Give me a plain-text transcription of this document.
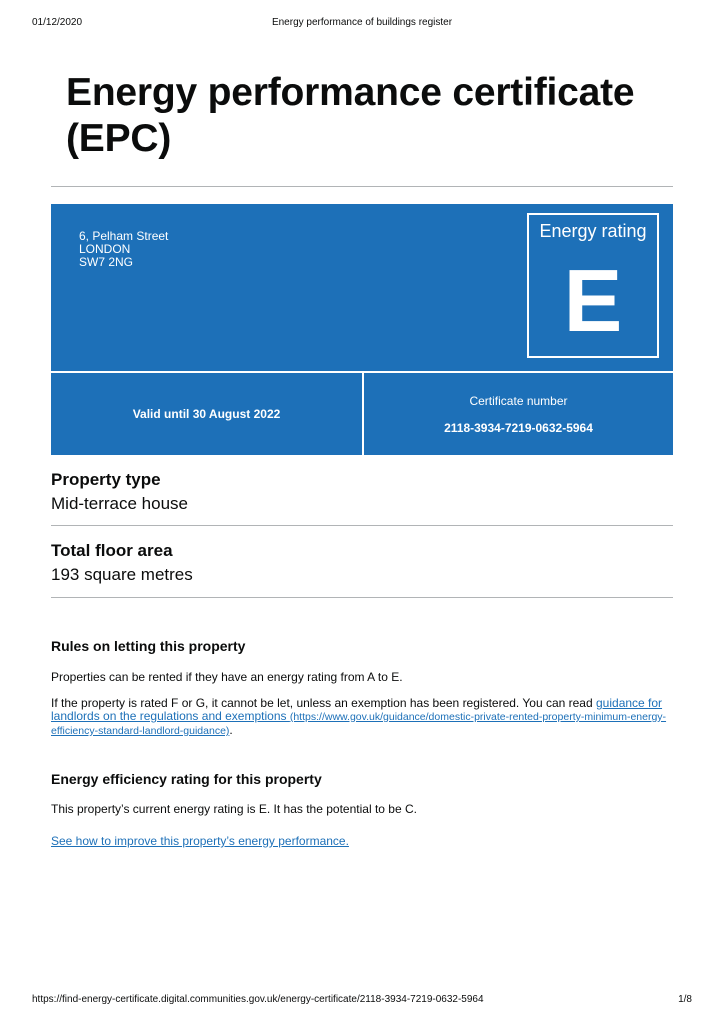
01/12/2020	Energy performance of buildings register
Energy performance certificate (EPC)
6, Pelham Street
LONDON
SW7 2NG
Energy rating
E
Valid until 30 August 2022
Certificate number
2118-3934-7219-0632-5964
Property type
Mid-terrace house
Total floor area
193 square metres
Rules on letting this property
Properties can be rented if they have an energy rating from A to E.
If the property is rated F or G, it cannot be let, unless an exemption has been registered. You can read guidance for landlords on the regulations and exemptions (https://www.gov.uk/guidance/domestic-private-rented-property-minimum-energy-efficiency-standard-landlord-guidance).
Energy efficiency rating for this property
This property’s current energy rating is E. It has the potential to be C.
See how to improve this property’s energy performance.
https://find-energy-certificate.digital.communities.gov.uk/energy-certificate/2118-3934-7219-0632-5964	1/8
